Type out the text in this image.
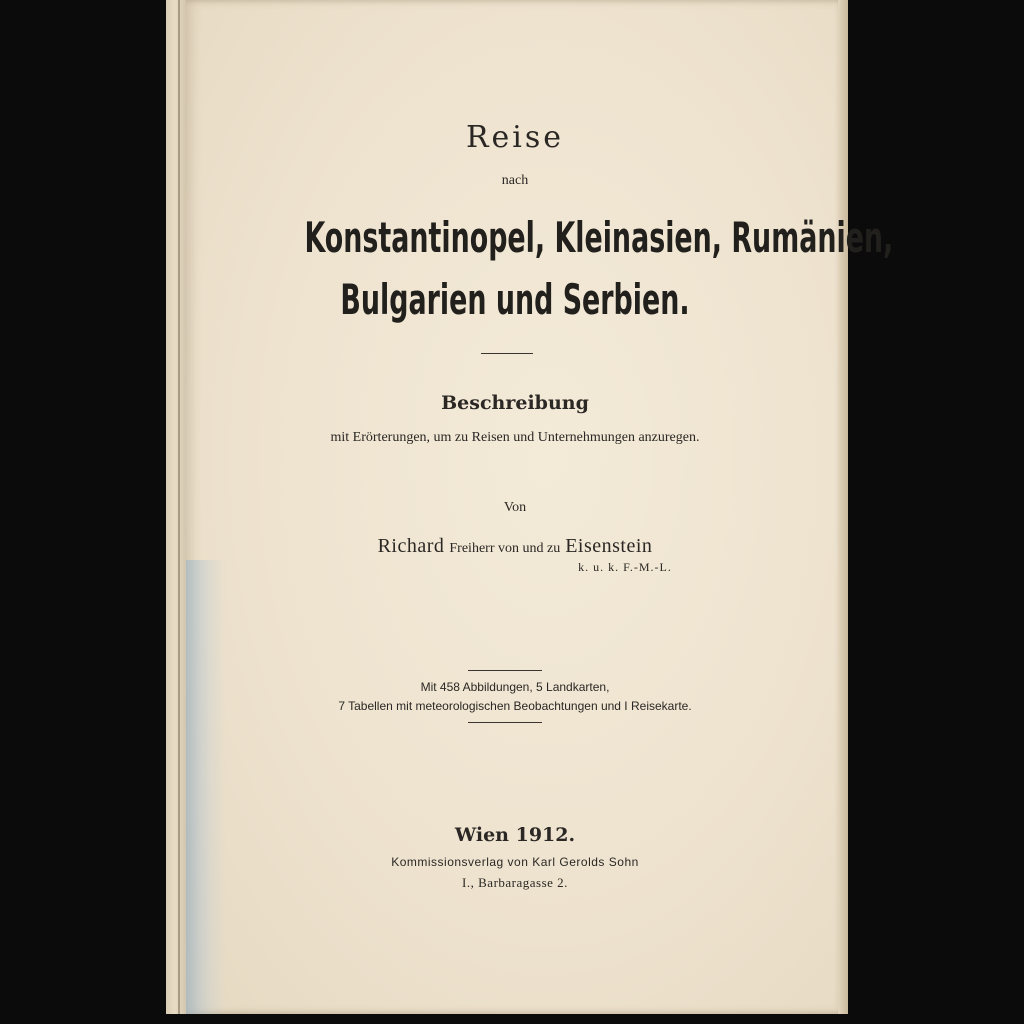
Reise

nach

Konstantinopel, Kleinasien, Rumänien,

Bulgarien und Serbien.

Beschreibung

mit Erörterungen, um zu Reisen und Unternehmungen anzuregen.

Von

Richard Freiherr von und zu Eisenstein

k. u. k. F.-M.-L.

Mit 458 Abbildungen, 5 Landkarten,

7 Tabellen mit meteorologischen Beobachtungen und I Reisekarte.

Wien 1912.

Kommissionsverlag von Karl Gerolds Sohn

I., Barbaragasse 2.
